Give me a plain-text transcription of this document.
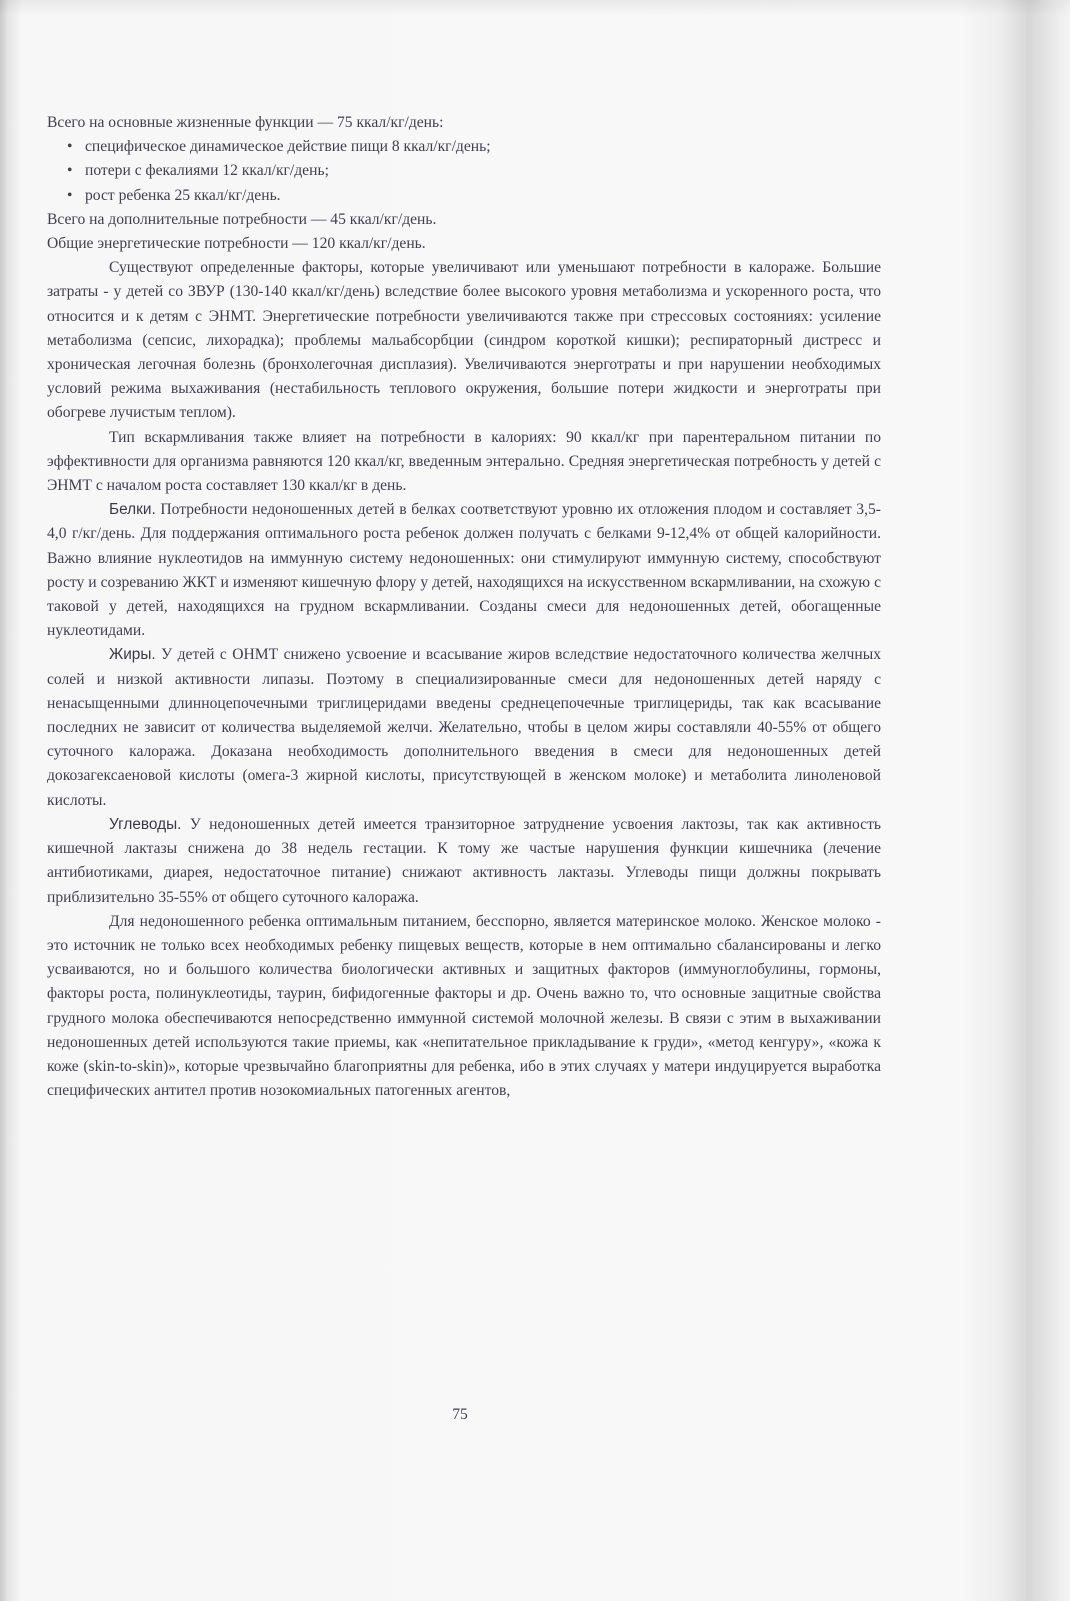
Всего на основные жизненные функции — 75 ккал/кг/день:

• специфическое динамическое действие пищи 8 ккал/кг/день;
• потери с фекалиями 12 ккал/кг/день;
• рост ребенка 25 ккал/кг/день.

Всего на дополнительные потребности — 45 ккал/кг/день.

Общие энергетические потребности — 120 ккал/кг/день.

Существуют определенные факторы, которые увеличивают или уменьшают потребности в калораже. Большие затраты - у детей со ЗВУР (130-140 ккал/кг/день) вследствие более высокого уровня метаболизма и ускоренного роста, что относится и к детям с ЭНМТ. Энергетические потребности увеличиваются также при стрессовых состояниях: усиление метаболизма (сепсис, лихорадка); проблемы мальабсорбции (синдром короткой кишки); респираторный дистресс и хроническая легочная болезнь (бронхолегочная дисплазия). Увеличиваются энерготраты и при нарушении необходимых условий режима выхаживания (нестабильность теплового окружения, большие потери жидкости и энерготраты при обогреве лучистым теплом).

Тип вскармливания также влияет на потребности в калориях: 90 ккал/кг при парентеральном питании по эффективности для организма равняются 120 ккал/кг, введенным энтерально. Средняя энергетическая потребность у детей с ЭНМТ с началом роста составляет 130 ккал/кг в день.

Белки. Потребности недоношенных детей в белках соответствуют уровню их отложения плодом и составляет 3,5-4,0 г/кг/день. Для поддержания оптимального роста ребенок должен получать с белками 9-12,4% от общей калорийности. Важно влияние нуклеотидов на иммунную систему недоношенных: они стимулируют иммунную систему, способствуют росту и созреванию ЖКТ и изменяют кишечную флору у детей, находящихся на искусственном вскармливании, на схожую с таковой у детей, находящихся на грудном вскармливании. Созданы смеси для недоношенных детей, обогащенные нуклеотидами.

Жиры. У детей с ОНМТ снижено усвоение и всасывание жиров вследствие недостаточного количества желчных солей и низкой активности липазы. Поэтому в специализированные смеси для недоношенных детей наряду с ненасыщенными длинноцепочечными триглицеридами введены среднецепочечные триглицериды, так как всасывание последних не зависит от количества выделяемой желчи. Желательно, чтобы в целом жиры составляли 40-55% от общего суточного калоража. Доказана необходимость дополнительного введения в смеси для недоношенных детей докозагексаеновой кислоты (омега-3 жирной кислоты, присутствующей в женском молоке) и метаболита линоленовой кислоты.

Углеводы. У недоношенных детей имеется транзиторное затруднение усвоения лактозы, так как активность кишечной лактазы снижена до 38 недель гестации. К тому же частые нарушения функции кишечника (лечение антибиотиками, диарея, недостаточное питание) снижают активность лактазы. Углеводы пищи должны покрывать приблизительно 35-55% от общего суточного калоража.

Для недоношенного ребенка оптимальным питанием, бесспорно, является материнское молоко. Женское молоко - это источник не только всех необходимых ребенку пищевых веществ, которые в нем оптимально сбалансированы и легко усваиваются, но и большого количества биологически активных и защитных факторов (иммуноглобулины, гормоны, факторы роста, полинуклеотиды, таурин, бифидогенные факторы и др. Очень важно то, что основные защитные свойства грудного молока обеспечиваются непосредственно иммунной системой молочной железы. В связи с этим в выхаживании недоношенных детей используются такие приемы, как «непитательное прикладывание к груди», «метод кенгуру», «кожа к коже (skin-to-skin)», которые чрезвычайно благоприятны для ребенка, ибо в этих случаях у матери индуцируется выработка специфических антител против нозокомиальных патогенных агентов,

75
